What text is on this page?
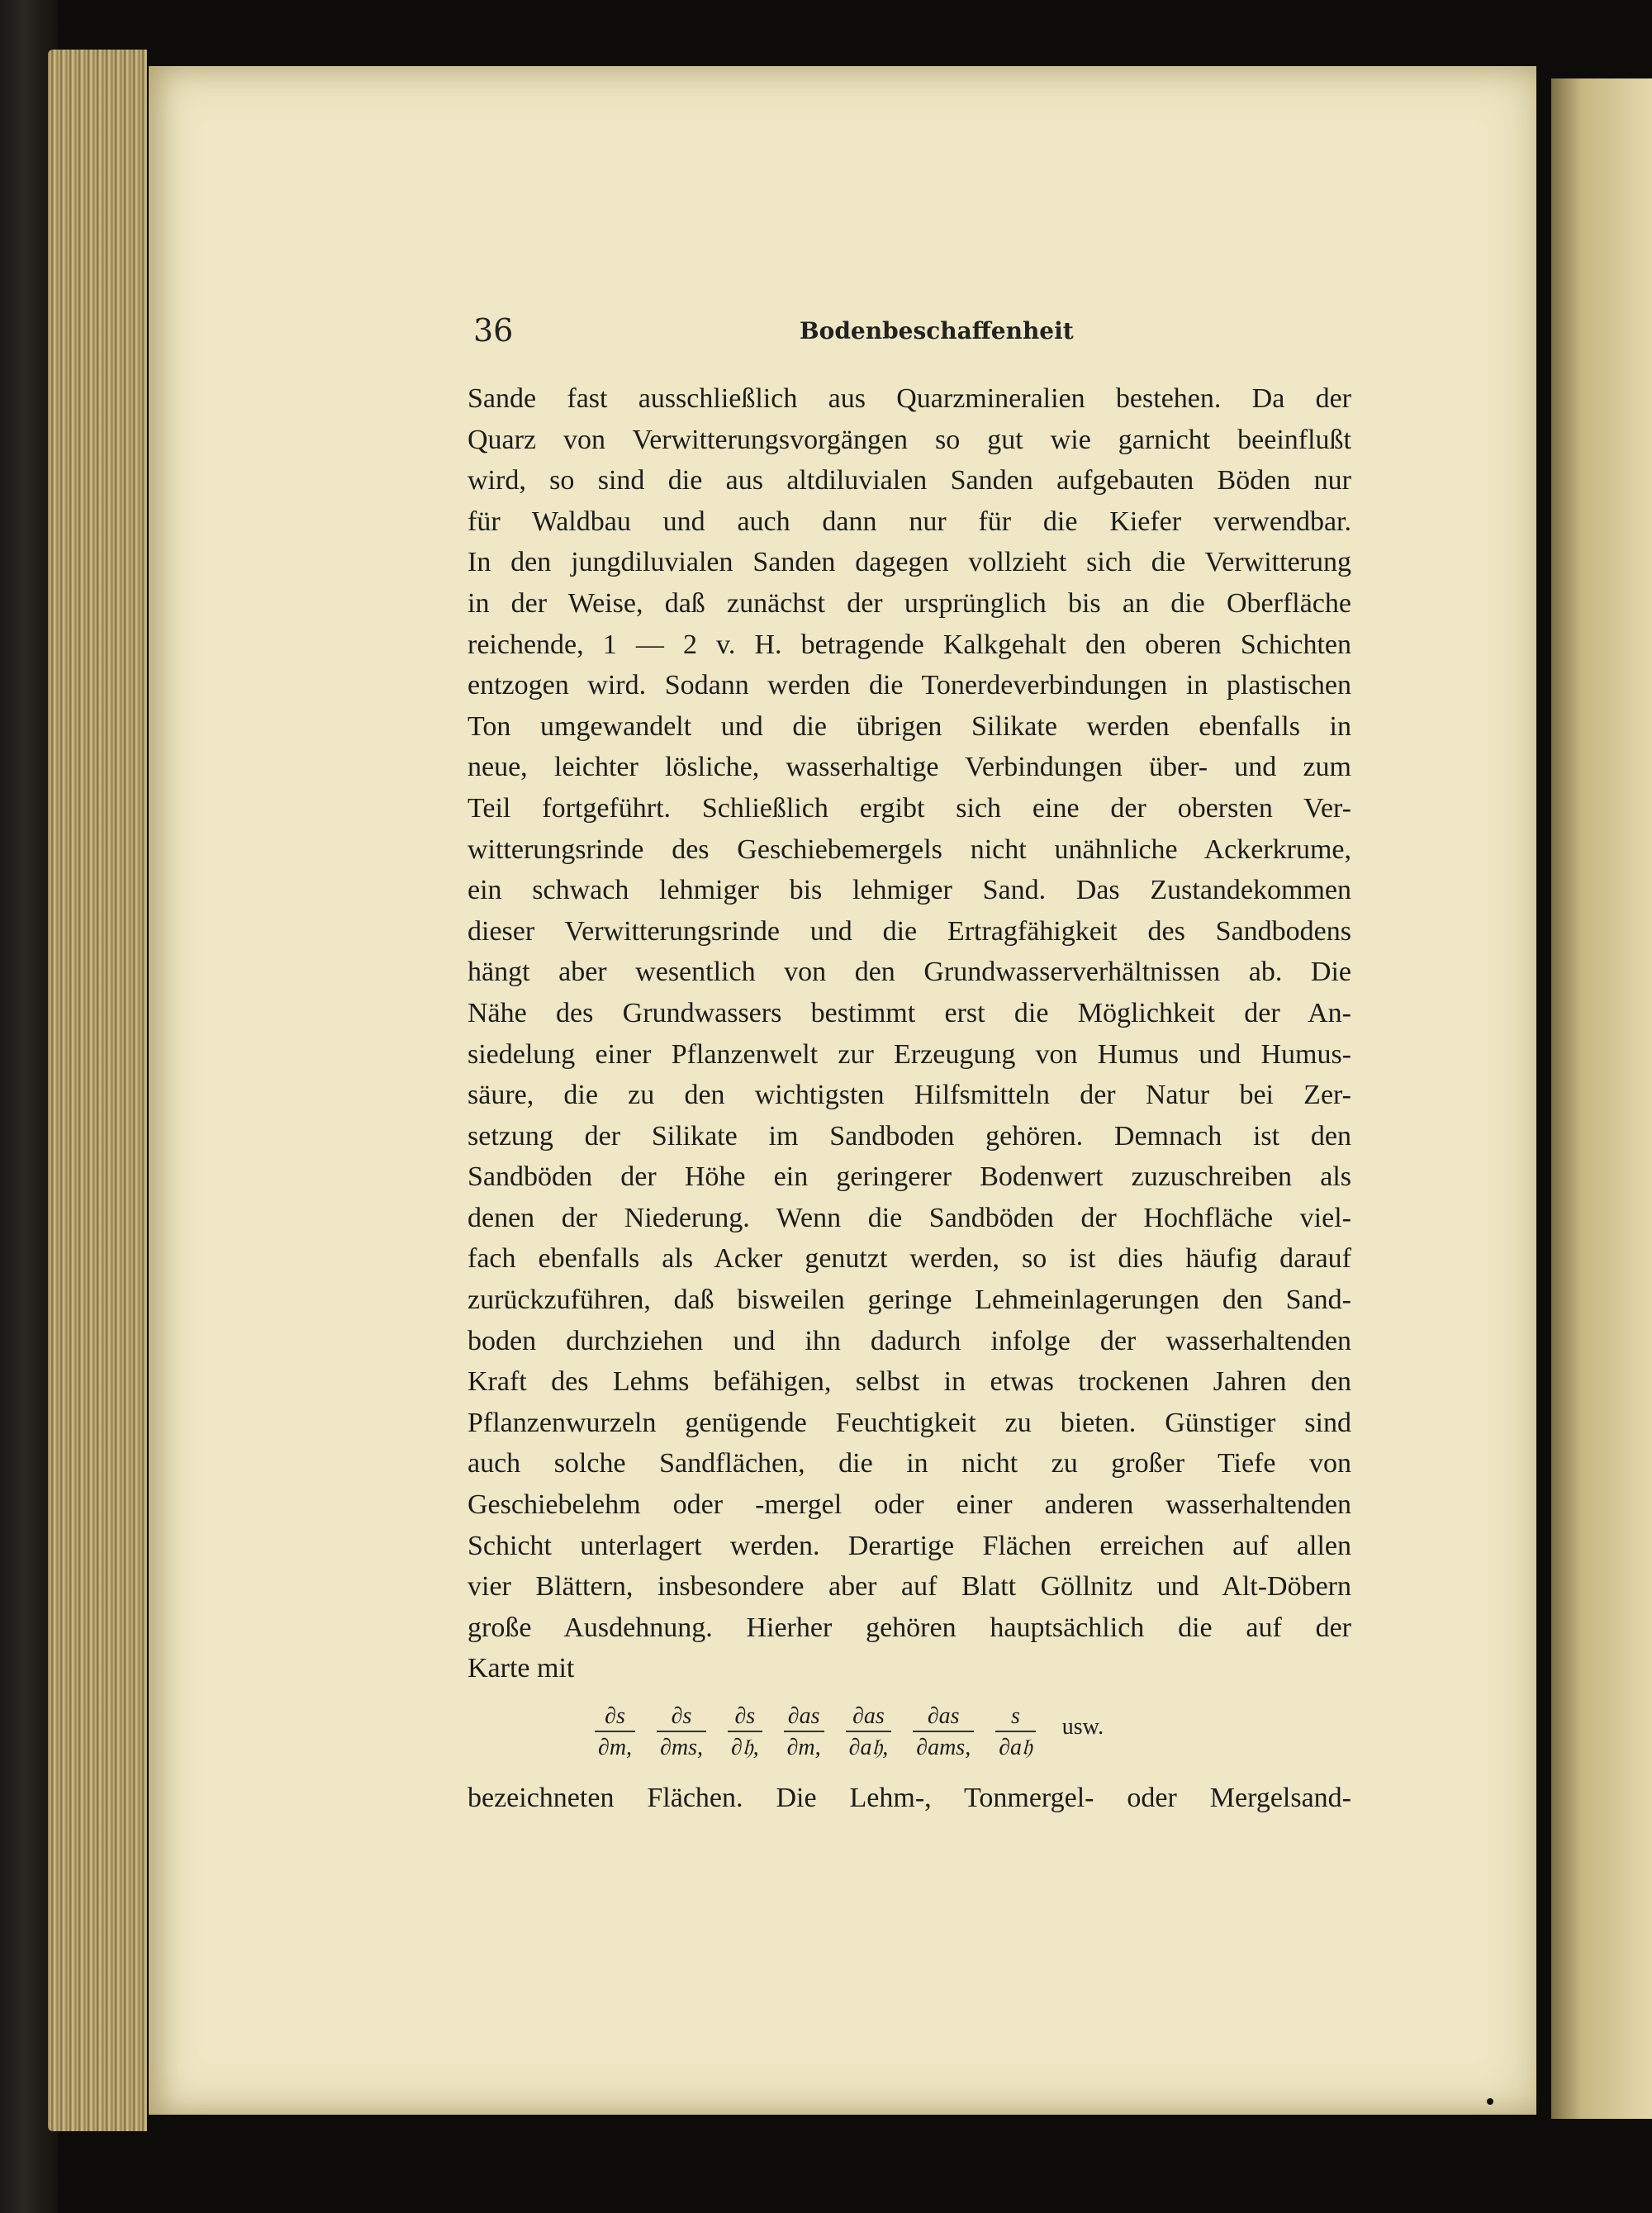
36	Bodenbeschaffenheit
Sande fast ausschließlich aus Quarzmineralien bestehen. Da der
Quarz von Verwitterungsvorgängen so gut wie garnicht beeinflußt
wird, so sind die aus altdiluvialen Sanden aufgebauten Böden nur
für Waldbau und auch dann nur für die Kiefer verwendbar.
In den jungdiluvialen Sanden dagegen vollzieht sich die Verwitterung
in der Weise, daß zunächst der ursprünglich bis an die Oberfläche
reichende, 1 — 2 v. H. betragende Kalkgehalt den oberen Schichten
entzogen wird. Sodann werden die Tonerdeverbindungen in plastischen
Ton umgewandelt und die übrigen Silikate werden ebenfalls in
neue, leichter lösliche, wasserhaltige Verbindungen über- und zum
Teil fortgeführt. Schließlich ergibt sich eine der obersten Ver-
witterungsrinde des Geschiebemergels nicht unähnliche Ackerkrume,
ein schwach lehmiger bis lehmiger Sand. Das Zustandekommen
dieser Verwitterungsrinde und die Ertragfähigkeit des Sandbodens
hängt aber wesentlich von den Grundwasserverhältnissen ab. Die
Nähe des Grundwassers bestimmt erst die Möglichkeit der An-
siedelung einer Pflanzenwelt zur Erzeugung von Humus und Humus-
säure, die zu den wichtigsten Hilfsmitteln der Natur bei Zer-
setzung der Silikate im Sandboden gehören. Demnach ist den
Sandböden der Höhe ein geringerer Bodenwert zuzuschreiben als
denen der Niederung. Wenn die Sandböden der Hochfläche viel-
fach ebenfalls als Acker genutzt werden, so ist dies häufig darauf
zurückzuführen, daß bisweilen geringe Lehmeinlagerungen den Sand-
boden durchziehen und ihn dadurch infolge der wasserhaltenden
Kraft des Lehms befähigen, selbst in etwas trockenen Jahren den
Pflanzenwurzeln genügende Feuchtigkeit zu bieten. Günstiger sind
auch solche Sandflächen, die in nicht zu großer Tiefe von
Geschiebelehm oder -mergel oder einer anderen wasserhaltenden
Schicht unterlagert werden. Derartige Flächen erreichen auf allen
vier Blättern, insbesondere aber auf Blatt Göllnitz und Alt-Döbern
große Ausdehnung. Hierher gehören hauptsächlich die auf der
Karte mit
$\frac{\partial s}{\partial m,} \frac{\partial s}{\partial ms,} \frac{\partial s}{\text{∂𝔥,}} \frac{\partial as}{\partial m,} \frac{\partial as}{\text{∂a𝔥,}} \frac{\partial as}{\text{∂ams,}} \frac{s}{\text{∂a𝔥}}$ usw.
bezeichneten Flächen. Die Lehm-, Tonmergel- oder Mergelsand-
